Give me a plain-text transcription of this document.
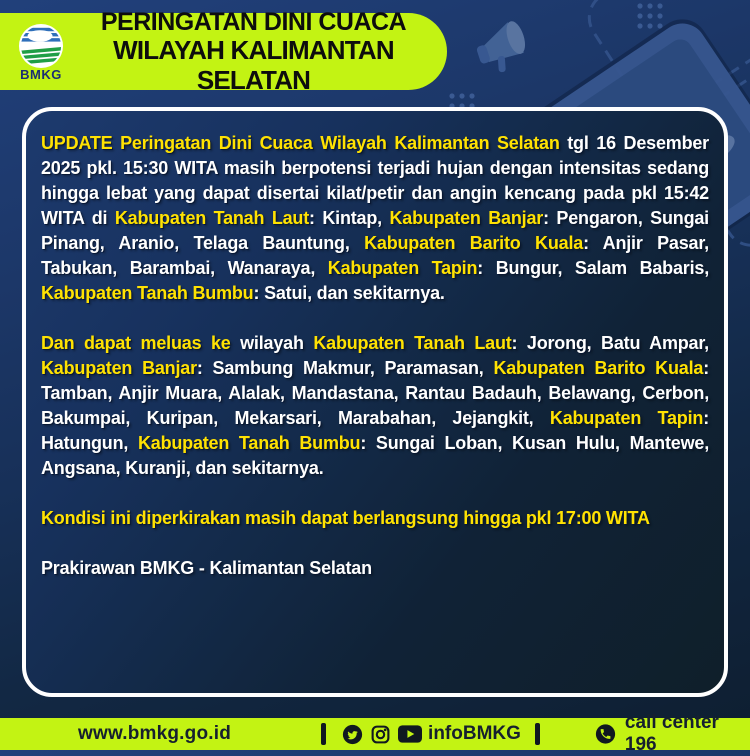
BMKG
PERINGATAN DINI CUACA
WILAYAH KALIMANTAN SELATAN

UPDATE Peringatan Dini Cuaca Wilayah Kalimantan Selatan tgl 16 Desember 2025 pkl. 15:30 WITA masih berpotensi terjadi hujan dengan intensitas sedang hingga lebat yang dapat disertai kilat/petir dan angin kencang pada pkl 15:42 WITA di Kabupaten Tanah Laut: Kintap, Kabupaten Banjar: Pengaron, Sungai Pinang, Aranio, Telaga Bauntung, Kabupaten Barito Kuala: Anjir Pasar, Tabukan, Barambai, Wanaraya, Kabupaten Tapin: Bungur, Salam Babaris, Kabupaten Tanah Bumbu: Satui, dan sekitarnya.

Dan dapat meluas ke wilayah Kabupaten Tanah Laut: Jorong, Batu Ampar, Kabupaten Banjar: Sambung Makmur, Paramasan, Kabupaten Barito Kuala: Tamban, Anjir Muara, Alalak, Mandastana, Rantau Badauh, Belawang, Cerbon, Bakumpai, Kuripan, Mekarsari, Marabahan, Jejangkit, Kabupaten Tapin: Hatungun, Kabupaten Tanah Bumbu: Sungai Loban, Kusan Hulu, Mantewe, Angsana, Kuranji, dan sekitarnya.

Kondisi ini diperkirakan masih dapat berlangsung hingga pkl 17:00 WITA

Prakirawan BMKG - Kalimantan Selatan

www.bmkg.go.id	infoBMKG
call center 196
